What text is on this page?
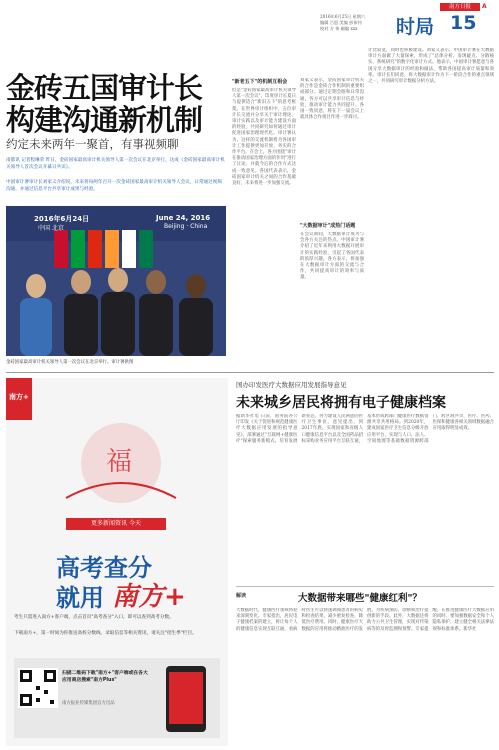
南方日报	A
2016年6月25日 星期六
编辑 吕恩 美编 彭伟钊
校对 方 伟 邮编 xxx 时局 15
金砖五国审计长
构建沟通新机制
约定未来两年一聚首，有事视频聊
南都讯 记者程琳荣 昨日，金砖国家最高审计机关领导人第一次会议在北京举行，达成《金砖国家最高审计机关领导人首次会议开幕日共识》。
中国审计署审计长刘家义介绍说，未来将每两年召开一次金砖国家最高审计机关领导人会议，日常通过视频沟通，并通过信息平台共享审计成果与经验。
2016年6月24日
中国 北京
June 24, 2016
Beijing · China
金砖国家最高审计机关领导人第一次会议在北京举行。审计署供图
"新老五下"的机制互相会
但是"金砖国家最高审计机关领导人第一次会议"，印度审计长夏日与提供适合"新旧五下"的思考框架。在世界审计组织中，五位审计长交流并分享关于审计理论、审计实践以及审计能力建设方面的经验，共同研究如何通过审计促进国家治理现代化。审计署认为，这样的交流机制将为各国审计工作提供更加开放、务实的合作平台。在会上，各方围绕"审计在推动国家治理方面的作用"进行了讨论，并就今后的合作方式达成一致意见。各国代表表示，金砖国家审计机关之间的合作基础良好，未来将进一步加强交流。
刘家义表示，金砖国家审计机关的合作是金砖合作机制的重要组成部分。通过定期会晤和日常沟通，各方可以共享审计信息与经验，推动审计能力共同提升。各国一致同意，将在下一届会议上就具体合作项目作进一步商讨。
"大数据审计"成热门话题
在会议期间，大数据审计成为与会各方关注的热点。中国审计署介绍了近年来利用大数据开展审计的实践经验，引起了各国代表的浓厚兴趣。各方表示，将加强在大数据审计方面的交流与合作，共同提高审计的效率与质量。
计比较宽，同时也积极建设。刘家义表示，中国审计署在大数据审计方面做了大量探索，形成了"总体分析、发现疑点、分散核实、系统研究"的数字化审计方式。他表示，中国审计署愿意与各国分享大数据审计的经验和做法，帮助各国提高审计质量和效率。审计长们同意，将大数据审计作为下一阶段合作的重点领域之一，共同研究审计数据分析方法。
南方+
福
更多新闻资讯 今天
高考查分
就用 南方+
考生只需进入南方+客户端，点击首页"高考查分"入口，即可以查到高考分数。
下载南方+，第一时间为你推送高校分数线、录取信息等相关资讯，请关注"招生季"栏目。
扫描二维码下载"南方+"客户端或在各大应用商店搜索"南方Plus"
南方报业传媒集团官方出品
国办印发医疗大数据应用发展指导意见
未来城乡居民将拥有电子健康档案
据新华社电 日前，国务院办公厅印发《关于促进和规范健康医疗大数据应用发展的指导意见》，部署通过"互联网+健康医疗"探索服务新模式、培育发展新业态，努力建设人民满意的医疗卫生事业。意见提出，到2017年底，实现国家和省级人口健康信息平台以及全国药品招标采购业务应用平台互联互通，基本形成跨部门健康医疗数据资源共享共用格局。到2020年，建成国家医疗卫生信息分级开放应用平台，实现与人口、法人、空间地理等基础数据资源跨部门、跨区域共享，医疗、医药、医保和健康各相关领域数据融合应用取得明显成效。
解读	大数据带来哪些"健康红利"？
大数据时代，健康医疗领域将迎来深刻变化。专家指出，居民电子健康档案的建立，将让每个人的健康信息实现互联互通，看病时医生可以快速调阅患者的病史和检查结果，减少重复检查，降低医疗费用。同时，健康医疗大数据的应用将推动精准医疗的发展，为疾病预防、诊断和治疗提供新的手段。此外，大数据还将助力公共卫生管理，实现对传染病等的及时监测和预警。专家提醒，在推进健康医疗大数据应用的同时，要加强数据安全和个人隐私保护，建立健全相关法律法规和标准体系。新华社
